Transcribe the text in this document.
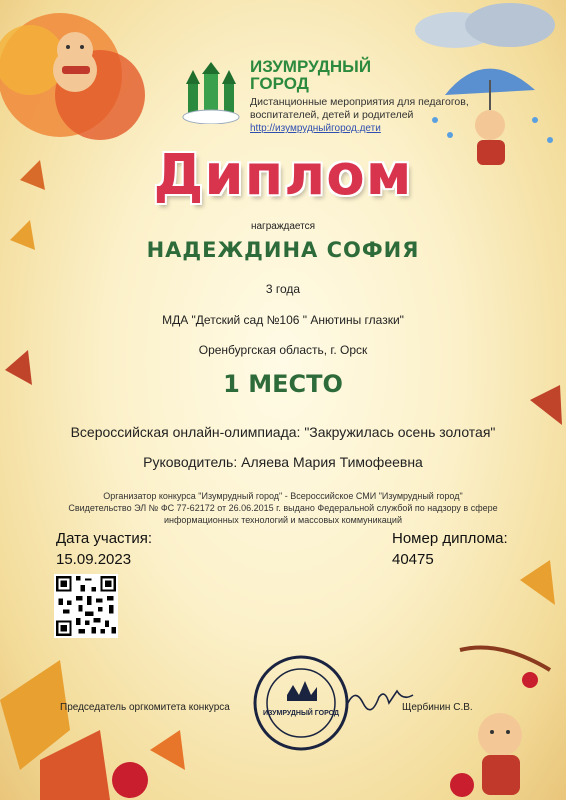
ИЗУМРУДНЫЙ
ГОРОД
Дистанционные мероприятия для педагогов, воспитателей, детей и родителей
http://изумрудныйгород.дети
Диплом
награждается
НАДЕЖДИНА СОФИЯ
3 года
МДА "Детский сад №106 " Анютины глазки"
Оренбургская область, г. Орск
1 МЕСТО
Всероссийская онлайн-олимпиада: "Закружилась осень золотая"
Руководитель: Аляева Мария Тимофеевна
Организатор конкурса "Изумрудный город" - Всероссийское СМИ "Изумрудный город"
Свидетельство ЭЛ № ФС 77-62172 от 26.06.2015 г. выдано Федеральной службой по надзору в сфере
информационных технологий и массовых коммуникаций
Дата участия:
15.09.2023
Номер диплома:
40475
Председатель оргкомитета конкурса
ИЗУМРУДНЫЙ ГОРОД
Щербинин С.В.
